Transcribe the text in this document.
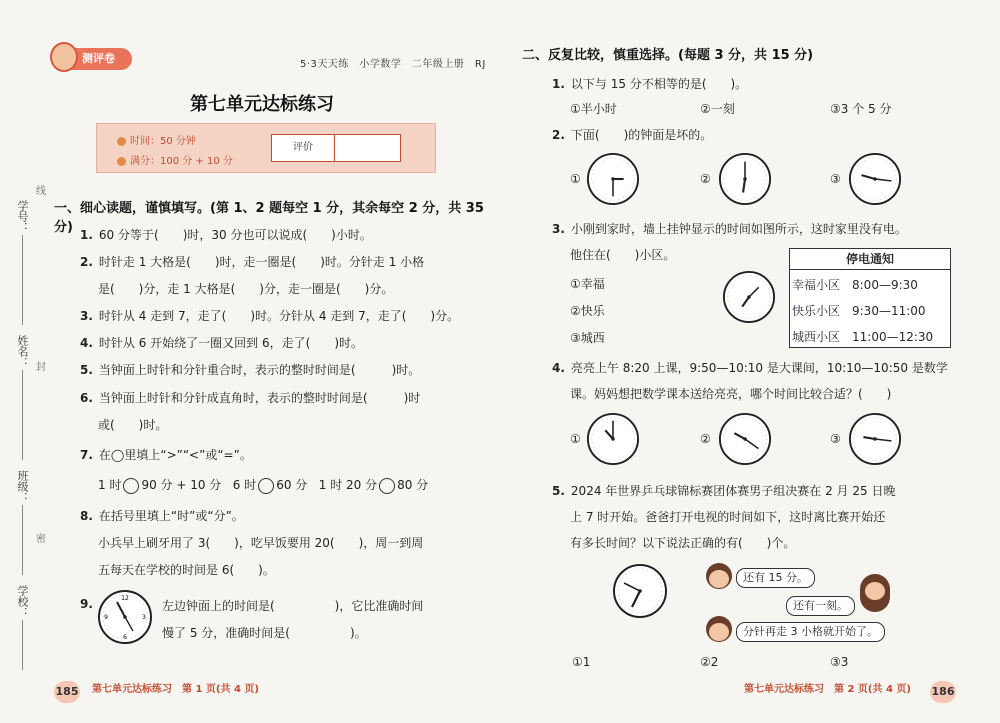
学号：
姓名：
班级：
学校：
线
封
密
测评卷	5·3天天练　小学数学　二年级上册　RJ
第七单元达标练习
时间：50 分钟
满分：100 分 + 10 分
评价
一、细心读题，谨慎填写。(第 1、2 题每空 1 分，其余每空 2 分，共 35 分) 1. 60 分等于(　　)时，30 分也可以说成(　　)小时。
2. 时针走 1 大格是(　　)时，走一圈是(　　)时。分针走 1 小格
是(　　)分，走 1 大格是(　　)分，走一圈是(　　)分。
3. 时针从 4 走到 7，走了(　　)时。分针从 4 走到 7，走了(　　)分。
4. 时针从 6 开始绕了一圈又回到 6，走了(　　)时。
5. 当钟面上时针和分针重合时，表示的整时时间是(　　　)时。
6. 当钟面上时针和分针成直角时，表示的整时时间是(　　　)时
或(　　)时。
7. 在◯里填上“>”“<”或“=”。
1 时 90 分 + 10 分 6 时 60 分 1 时 20 分 80 分
8. 在括号里填上“时”或“分”。
小兵早上刷牙用了 3(　　)，吃早饭要用 20(　　)，周一到周
五每天在学校的时间是 6(　　)。
9.	12
3
6
9
左边钟面上的时间是(　　　　　)，它比准确时间
慢了 5 分，准确时间是(　　　　　)。
185 第七单元达标练习　第 1 页(共 4 页)
二、反复比较，慎重选择。(每题 3 分，共 15 分)
1. 以下与 15 分不相等的是(　　)。
①半小时	②一刻	③3 个 5 分
2. 下面(　　)的钟面是坏的。
①	②	③
3. 小刚到家时，墙上挂钟显示的时间如图所示，这时家里没有电。
他住在(　　)小区。
①幸福
②快乐
③城西
停电通知
幸福小区　8:00—9:30
快乐小区　9:30—11:00
城西小区　11:00—12:30
4. 亮亮上午 8:20 上课，9:50—10:10 是大课间，10:10—10:50 是数学
课。妈妈想把数学课本送给亮亮，哪个时间比较合适？(　　)
①	②	③
5. 2024 年世界乒乓球锦标赛团体赛男子组决赛在 2 月 25 日晚
上 7 时开始。爸爸打开电视的时间如下，这时离比赛开始还
有多长时间？以下说法正确的有(　　)个。
还有 15 分。
还有一刻。
分针再走 3 小格就开始了。
①1	②2	③3
第七单元达标练习　第 2 页(共 4 页) 186
